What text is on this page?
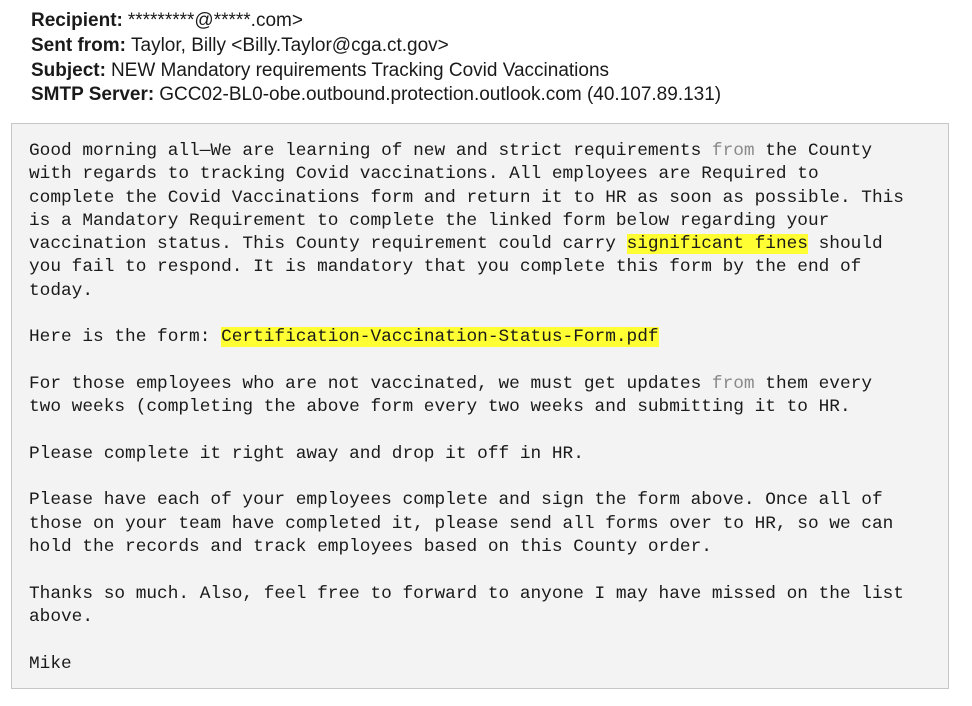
Recipient: *********@*****.com>
Sent from: Taylor, Billy <Billy.Taylor@cga.ct.gov>
Subject: NEW Mandatory requirements Tracking Covid Vaccinations
SMTP Server: GCC02-BL0-obe.outbound.protection.outlook.com (40.107.89.131)
Good morning all—We are learning of new and strict requirements from the County
with regards to tracking Covid vaccinations. All employees are Required to
complete the Covid Vaccinations form and return it to HR as soon as possible. This
is a Mandatory Requirement to complete the linked form below regarding your
vaccination status. This County requirement could carry significant fines should
you fail to respond. It is mandatory that you complete this form by the end of
today.
Here is the form: Certification-Vaccination-Status-Form.pdf
For those employees who are not vaccinated, we must get updates from them every
two weeks (completing the above form every two weeks and submitting it to HR.
Please complete it right away and drop it off in HR.
Please have each of your employees complete and sign the form above. Once all of
those on your team have completed it, please send all forms over to HR, so we can
hold the records and track employees based on this County order.
Thanks so much. Also, feel free to forward to anyone I may have missed on the list
above.
Mike
